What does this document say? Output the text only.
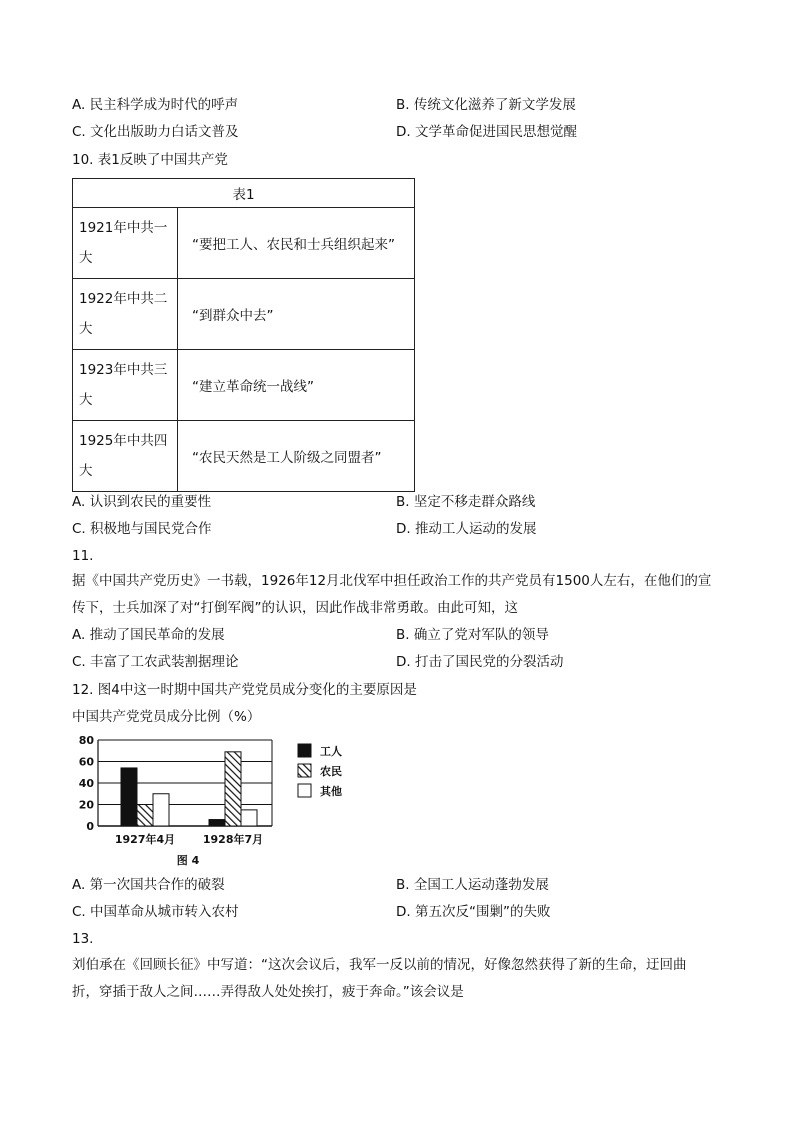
A. 民主科学成为时代的呼声	B. 传统文化滋养了新文学发展
C. 文化出版助力白话文普及	D. 文学革命促进国民思想觉醒
10. 表1反映了中国共产党
表1	
1921年中共一
大	“要把工人、农民和士兵组织起来”
1922年中共二
大	“到群众中去”
1923年中共三
大	“建立革命统一战线”
1925年中共四
大	“农民天然是工人阶级之同盟者”
A. 认识到农民的重要性	B. 坚定不移走群众路线
C. 积极地与国民党合作	D. 推动工人运动的发展
11.
据《中国共产党历史》一书载，1926年12月北伐军中担任政治工作的共产党员有1500人左右，在他们的宣
传下，士兵加深了对“打倒军阀”的认识，因此作战非常勇敢。由此可知，这
A. 推动了国民革命的发展	B. 确立了党对军队的领导
C. 丰富了工农武装割据理论	D. 打击了国民党的分裂活动
12. 图4中这一时期中国共产党党员成分变化的主要原因是
中国共产党党员成分比例（%）
0
20
40
60
80
1927年4月	1928年7月
工人
农民
其他
图 4
A. 第一次国共合作的破裂	B. 全国工人运动蓬勃发展
C. 中国革命从城市转入农村	D. 第五次反“围剿”的失败
13.
刘伯承在《回顾长征》中写道：“这次会议后，我军一反以前的情况，好像忽然获得了新的生命，迂回曲
折，穿插于敌人之间……弄得敌人处处挨打，疲于奔命。”该会议是
